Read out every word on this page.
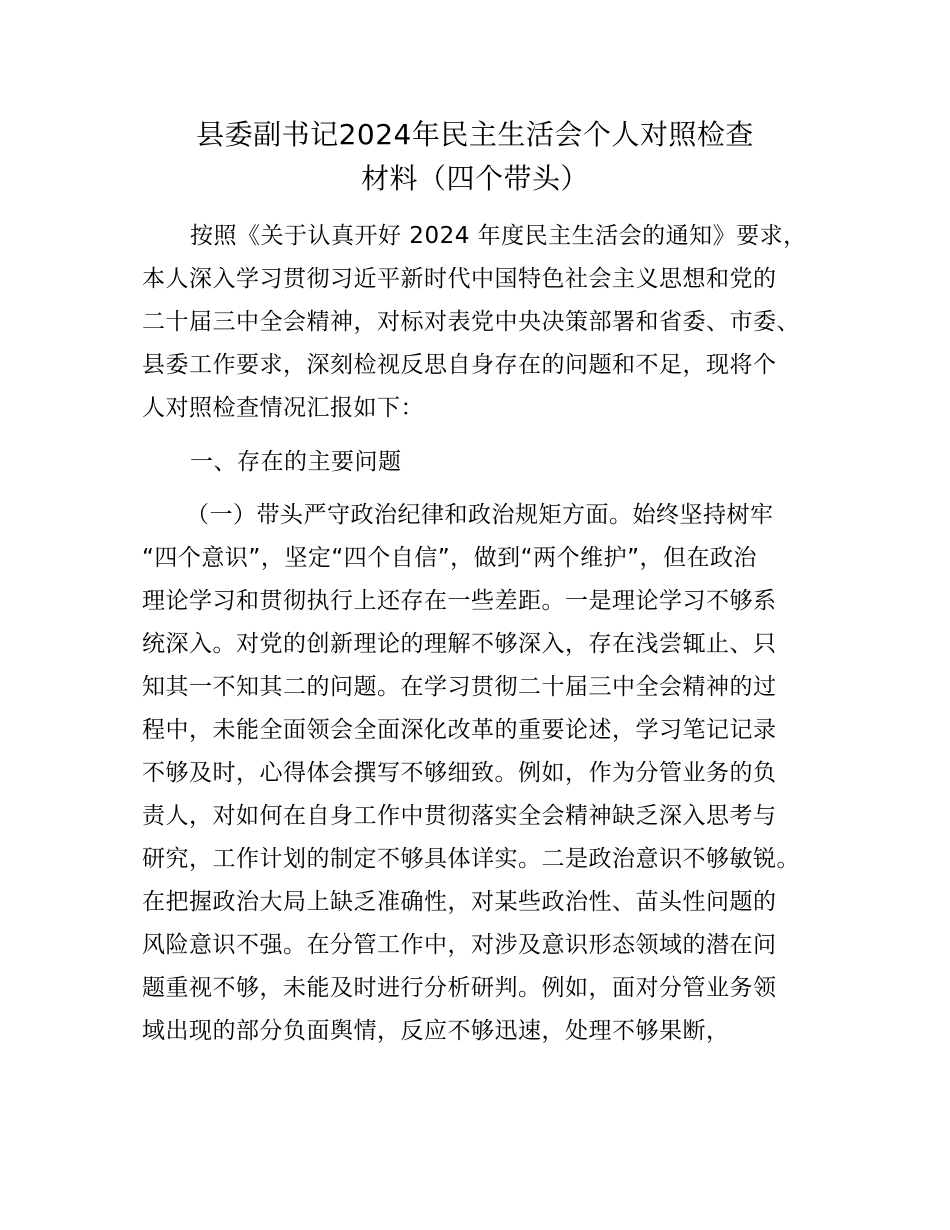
县委副书记2024年民主生活会个人对照检查
材料（四个带头）
按照《关于认真开好 2024 年度民主生活会的通知》要求，
本人深入学习贯彻习近平新时代中国特色社会主义思想和党的
二十届三中全会精神，对标对表党中央决策部署和省委、市委、
县委工作要求，深刻检视反思自身存在的问题和不足，现将个
人对照检查情况汇报如下：
一、存在的主要问题
（一）带头严守政治纪律和政治规矩方面。始终坚持树牢
“四个意识”，坚定“四个自信”，做到“两个维护”，但在政治
理论学习和贯彻执行上还存在一些差距。一是理论学习不够系
统深入。对党的创新理论的理解不够深入，存在浅尝辄止、只
知其一不知其二的问题。在学习贯彻二十届三中全会精神的过
程中，未能全面领会全面深化改革的重要论述，学习笔记记录
不够及时，心得体会撰写不够细致。例如，作为分管业务的负
责人，对如何在自身工作中贯彻落实全会精神缺乏深入思考与
研究，工作计划的制定不够具体详实。二是政治意识不够敏锐。
在把握政治大局上缺乏准确性，对某些政治性、苗头性问题的
风险意识不强。在分管工作中，对涉及意识形态领域的潜在问
题重视不够，未能及时进行分析研判。例如，面对分管业务领
域出现的部分负面舆情，反应不够迅速，处理不够果断，
